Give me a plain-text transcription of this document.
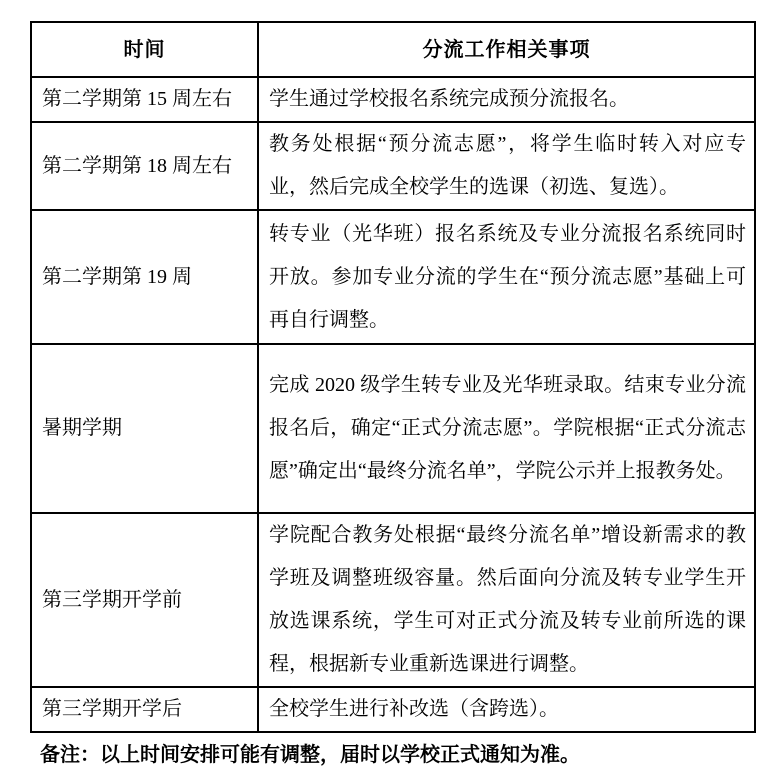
时间	分流工作相关事项
第二学期第 15 周左右	学生通过学校报名系统完成预分流报名。
第二学期第 18 周左右	教务处根据“预分流志愿”，将学生临时转入对应专业，然后完成全校学生的选课（初选、复选）。
第二学期第 19 周	转专业（光华班）报名系统及专业分流报名系统同时开放。参加专业分流的学生在“预分流志愿”基础上可再自行调整。
暑期学期	完成 2020 级学生转专业及光华班录取。结束专业分流报名后，确定“正式分流志愿”。学院根据“正式分流志愿”确定出“最终分流名单”，学院公示并上报教务处。
第三学期开学前	学院配合教务处根据“最终分流名单”增设新需求的教学班及调整班级容量。然后面向分流及转专业学生开放选课系统，学生可对正式分流及转专业前所选的课程，根据新专业重新选课进行调整。
第三学期开学后	全校学生进行补改选（含跨选）。
备注：以上时间安排可能有调整，届时以学校正式通知为准。
